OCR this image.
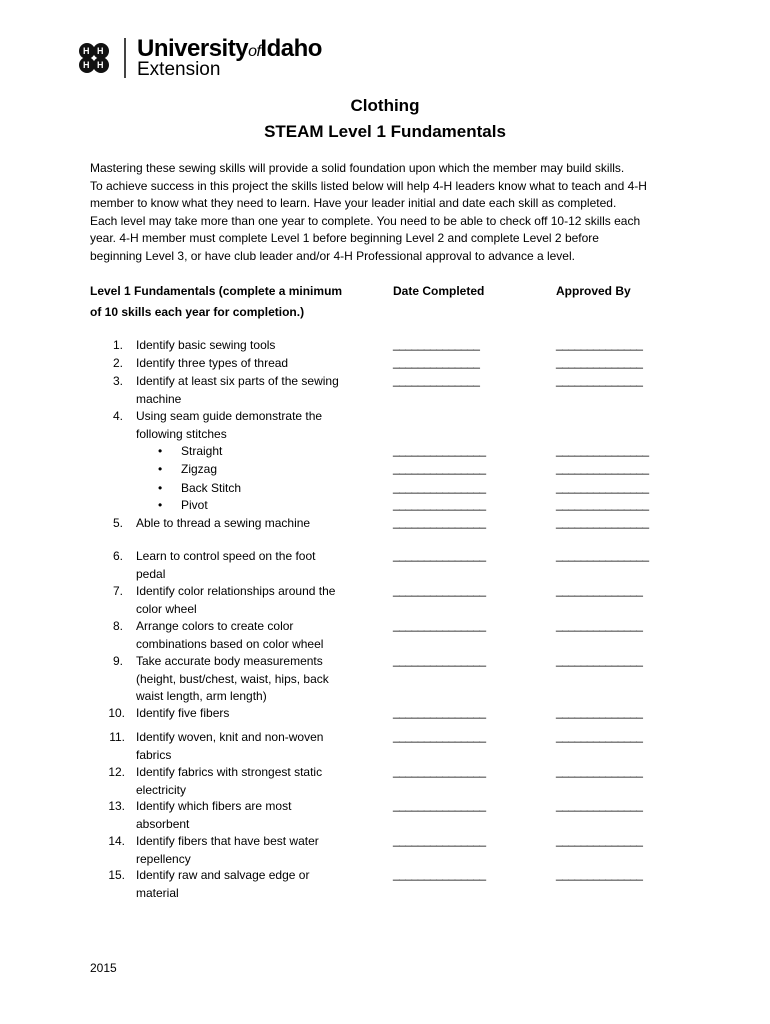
H H
H H
UniversityofIdaho
Extension
Clothing
STEAM Level 1 Fundamentals
Mastering these sewing skills will provide a solid foundation upon which the member may build skills.
To achieve success in this project the skills listed below will help 4-H leaders know what to teach and 4-H
member to know what they need to learn. Have your leader initial and date each skill as completed.
Each level may take more than one year to complete. You need to be able to check off 10-12 skills each
year. 4-H member must complete Level 1 before beginning Level 2 and complete Level 2 before
beginning Level 3, or have club leader and/or 4-H Professional approval to advance a level.
Level 1 Fundamentals (complete a minimum
of 10 skills each year for completion.)
Date Completed	Approved By
1. Identify basic sewing tools	______________	______________
2. Identify three types of thread	______________	______________
3. Identify at least six parts of the sewing
machine
______________	______________
4. Using seam guide demonstrate the
following stitches
• Straight	_______________	_______________
• Zigzag	_______________	_______________
• Back Stitch	_______________	_______________
• Pivot	_______________	_______________
5. Able to thread a sewing machine	_______________	_______________
6. Learn to control speed on the foot
pedal
_______________	_______________
7. Identify color relationships around the
color wheel
_______________	______________
8. Arrange colors to create color
combinations based on color wheel
_______________	______________
9. Take accurate body measurements
(height, bust/chest, waist, hips, back
waist length, arm length)
_______________	______________
10. Identify five fibers	_______________	______________
11. Identify woven, knit and non-woven
fabrics
_______________	______________
12. Identify fabrics with strongest static
electricity
_______________	______________
13. Identify which fibers are most
absorbent
_______________	______________
14. Identify fibers that have best water
repellency
_______________	______________
15. Identify raw and salvage edge or
material
_______________	______________
2015
